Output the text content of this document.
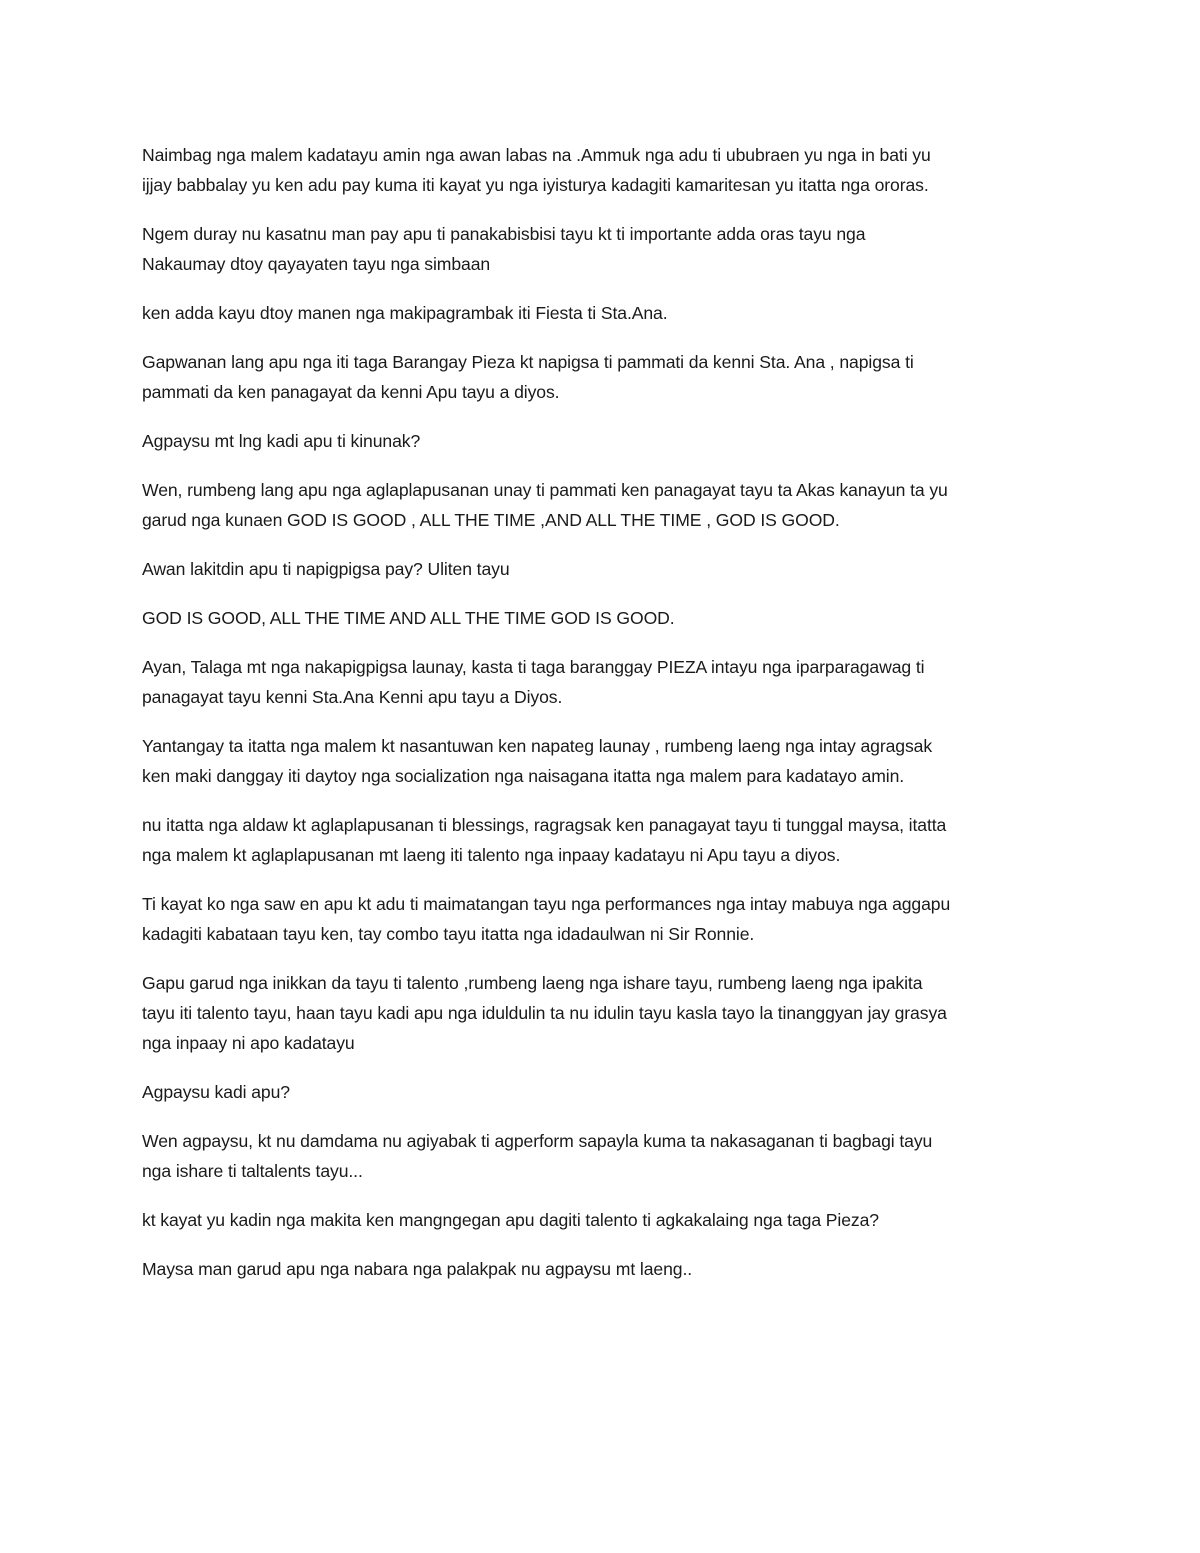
Naimbag nga malem kadatayu amin nga awan labas na .Ammuk nga adu ti ububraen yu nga in bati yu
ijjay babbalay yu ken adu pay kuma iti kayat yu nga iyisturya kadagiti kamaritesan yu itatta nga ororas.
Ngem duray nu kasatnu man pay apu ti panakabisbisi tayu kt ti importante adda oras tayu nga
Nakaumay dtoy qayayaten tayu nga simbaan
ken adda kayu dtoy manen nga makipagrambak iti Fiesta ti Sta.Ana.
Gapwanan lang apu nga iti taga Barangay Pieza kt napigsa ti pammati da kenni Sta. Ana , napigsa ti
pammati da ken panagayat da kenni Apu tayu a diyos.
Agpaysu mt lng kadi apu ti kinunak?
Wen, rumbeng lang apu nga aglaplapusanan unay ti pammati ken panagayat tayu ta Akas kanayun ta yu
garud nga kunaen GOD IS GOOD , ALL THE TIME ,AND ALL THE TIME , GOD IS GOOD.
Awan lakitdin apu ti napigpigsa pay? Uliten tayu
GOD IS GOOD, ALL THE TIME AND ALL THE TIME GOD IS GOOD.
Ayan, Talaga mt nga nakapigpigsa launay, kasta ti taga baranggay PIEZA intayu nga iparparagawag ti
panagayat tayu kenni Sta.Ana Kenni apu tayu a Diyos.
Yantangay ta itatta nga malem kt nasantuwan ken napateg launay , rumbeng laeng nga intay agragsak
ken maki danggay iti daytoy nga socialization nga naisagana itatta nga malem para kadatayo amin.
nu itatta nga aldaw kt aglaplapusanan ti blessings, ragragsak ken panagayat tayu ti tunggal maysa, itatta
nga malem kt aglaplapusanan mt laeng iti talento nga inpaay kadatayu ni Apu tayu a diyos.
Ti kayat ko nga saw en apu kt adu ti maimatangan tayu nga performances nga intay mabuya nga aggapu
kadagiti kabataan tayu ken, tay combo tayu itatta nga idadaulwan ni Sir Ronnie.
Gapu garud nga inikkan da tayu ti talento ,rumbeng laeng nga ishare tayu, rumbeng laeng nga ipakita
tayu iti talento tayu, haan tayu kadi apu nga iduldulin ta nu idulin tayu kasla tayo la tinanggyan jay grasya
nga inpaay ni apo kadatayu
Agpaysu kadi apu?
Wen agpaysu, kt nu damdama nu agiyabak ti agperform sapayla kuma ta nakasaganan ti bagbagi tayu
nga ishare ti taltalents tayu...
kt kayat yu kadin nga makita ken mangngegan apu dagiti talento ti agkakalaing nga taga Pieza?
Maysa man garud apu nga nabara nga palakpak nu agpaysu mt laeng..
